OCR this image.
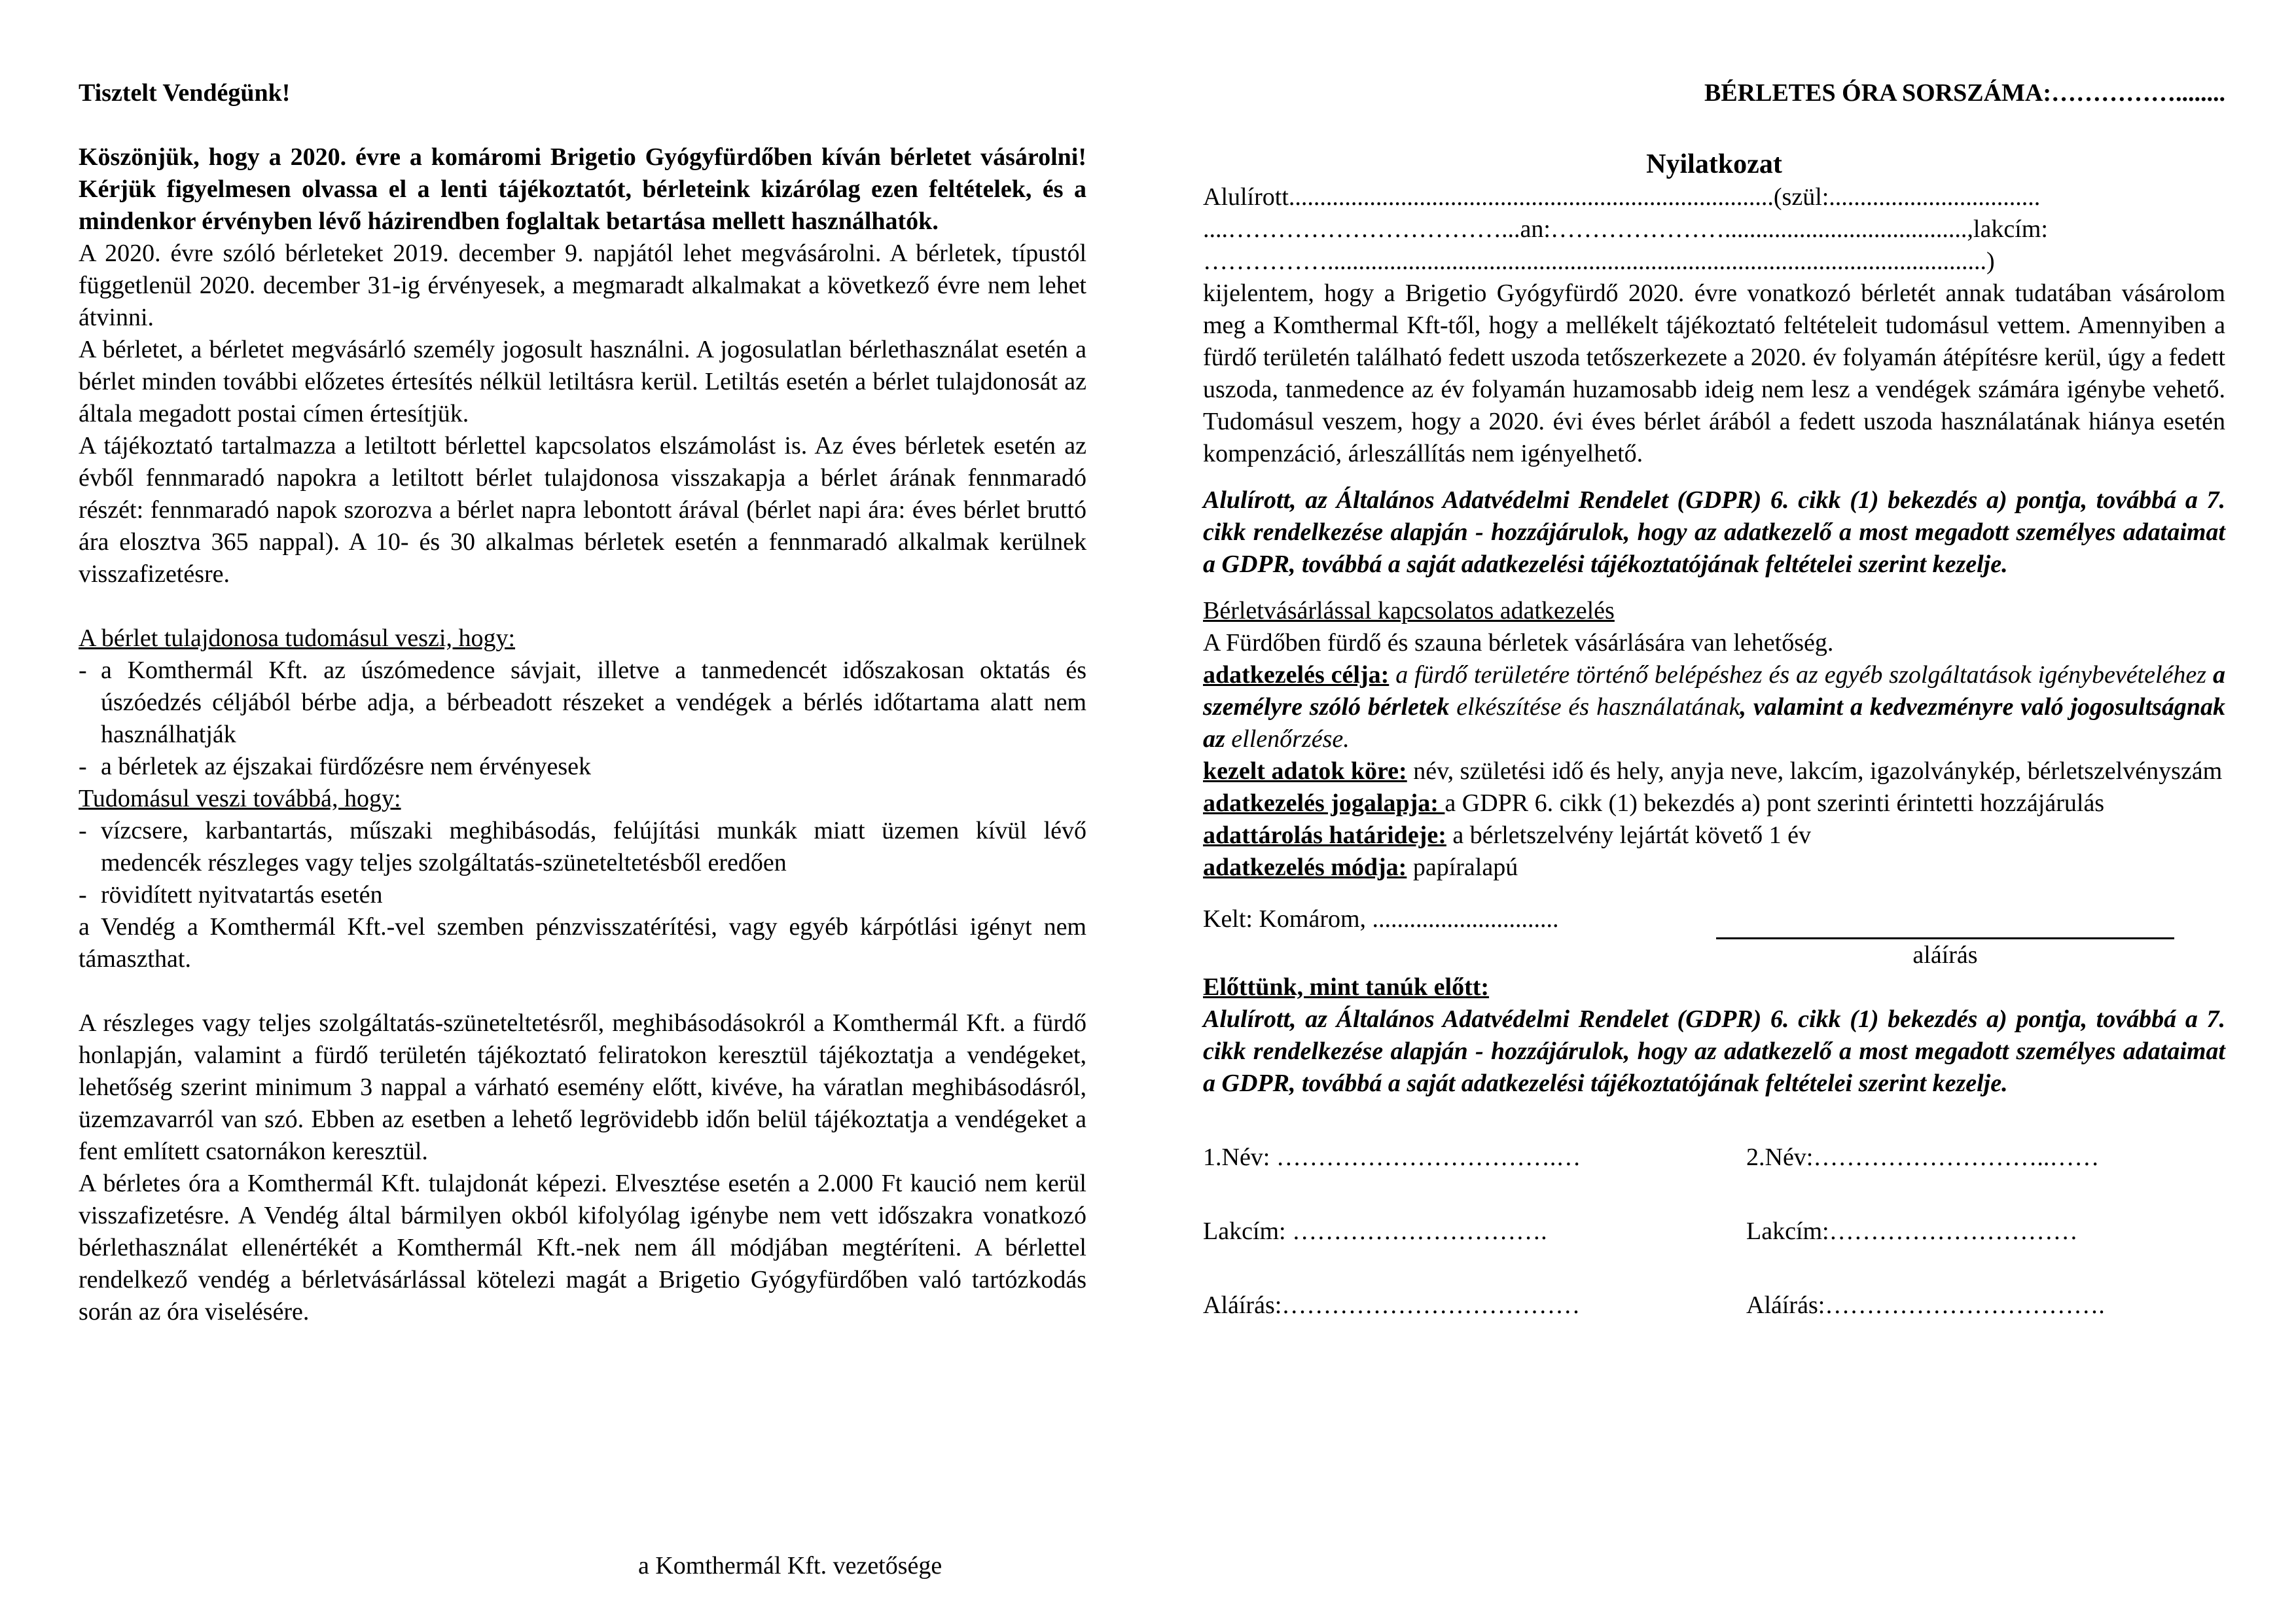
Tisztelt Vendégünk!

Köszönjük, hogy a 2020. évre a komáromi Brigetio Gyógyfürdőben kíván bérletet vásárolni! Kérjük figyelmesen olvassa el a lenti tájékoztatót, bérleteink kizárólag ezen feltételek, és a mindenkor érvényben lévő házirendben foglaltak betartása mellett használhatók.

A 2020. évre szóló bérleteket 2019. december 9. napjától lehet megvásárolni. A bérletek, típustól függetlenül 2020. december 31-ig érvényesek, a megmaradt alkalmakat a következő évre nem lehet átvinni.

A bérletet, a bérletet megvásárló személy jogosult használni. A jogosulatlan bérlethasználat esetén a bérlet minden további előzetes értesítés nélkül letiltásra kerül. Letiltás esetén a bérlet tulajdonosát az általa megadott postai címen értesítjük.

A tájékoztató tartalmazza a letiltott bérlettel kapcsolatos elszámolást is. Az éves bérletek esetén az évből fennmaradó napokra a letiltott bérlet tulajdonosa visszakapja a bérlet árának fennmaradó részét: fennmaradó napok szorozva a bérlet napra lebontott árával (bérlet napi ára: éves bérlet bruttó ára elosztva 365 nappal). A 10- és 30 alkalmas bérletek esetén a fennmaradó alkalmak kerülnek visszafizetésre.

A bérlet tulajdonosa tudomásul veszi, hogy:

- a Komthermál Kft. az úszómedence sávjait, illetve a tanmedencét időszakosan oktatás és úszóedzés céljából bérbe adja, a bérbeadott részeket a vendégek a bérlés időtartama alatt nem használhatják
- a bérletek az éjszakai fürdőzésre nem érvényesek

Tudomásul veszi továbbá, hogy:

- vízcsere, karbantartás, műszaki meghibásodás, felújítási munkák miatt üzemen kívül lévő medencék részleges vagy teljes szolgáltatás-szüneteltetésből eredően
- rövidített nyitvatartás esetén

a Vendég a Komthermál Kft.-vel szemben pénzvisszatérítési, vagy egyéb kárpótlási igényt nem támaszthat.

A részleges vagy teljes szolgáltatás-szüneteltetésről, meghibásodásokról a Komthermál Kft. a fürdő honlapján, valamint a fürdő területén tájékoztató feliratokon keresztül tájékoztatja a vendégeket, lehetőség szerint minimum 3 nappal a várható esemény előtt, kivéve, ha váratlan meghibásodásról, üzemzavarról van szó. Ebben az esetben a lehető legrövidebb időn belül tájékoztatja a vendégeket a fent említett csatornákon keresztül.

A bérletes óra a Komthermál Kft. tulajdonát képezi. Elvesztése esetén a 2.000 Ft kaució nem kerül visszafizetésre. A Vendég által bármilyen okból kifolyólag igénybe nem vett időszakra vonatkozó bérlethasználat ellenértékét a Komthermál Kft.-nek nem áll módjában megtéríteni. A bérlettel rendelkező vendég a bérletvásárlással kötelezi magát a Brigetio Gyógyfürdőben való tartózkodás során az óra viselésére.

a Komthermál Kft. vezetősége

BÉRLETES ÓRA SORSZÁMA:……………........

Nyilatkozat

Alulírott..............................................................................(szül:..................................

....……………………………...an:………………….......................................,lakcím:

……………..........................................................................................................)

kijelentem, hogy a Brigetio Gyógyfürdő 2020. évre vonatkozó bérletét annak tudatában vásárolom meg a Komthermal Kft-től, hogy a mellékelt tájékoztató feltételeit tudomásul vettem. Amennyiben a fürdő területén található fedett uszoda tetőszerkezete a 2020. év folyamán átépítésre kerül, úgy a fedett uszoda, tanmedence az év folyamán huzamosabb ideig nem lesz a vendégek számára igénybe vehető. Tudomásul veszem, hogy a 2020. évi éves bérlet árából a fedett uszoda használatának hiánya esetén kompenzáció, árleszállítás nem igényelhető.

Alulírott, az Általános Adatvédelmi Rendelet (GDPR) 6. cikk (1) bekezdés a) pontja, továbbá a 7. cikk rendelkezése alapján - hozzájárulok, hogy az adatkezelő a most megadott személyes adataimat a GDPR, továbbá a saját adatkezelési tájékoztatójának feltételei szerint kezelje.

Bérletvásárlással kapcsolatos adatkezelés

A Fürdőben fürdő és szauna bérletek vásárlására van lehetőség.

adatkezelés célja: a fürdő területére történő belépéshez és az egyéb szolgáltatások igénybevételéhez a személyre szóló bérletek elkészítése és használatának, valamint a kedvezményre való jogosultságnak az ellenőrzése.

kezelt adatok köre: név, születési idő és hely, anyja neve, lakcím, igazolványkép, bérletszelvényszám

adatkezelés jogalapja: a GDPR 6. cikk (1) bekezdés a) pont szerinti érintetti hozzájárulás

adattárolás határideje: a bérletszelvény lejártát követő 1 év

adatkezelés módja: papíralapú

Kelt: Komárom, ..............................
aláírás

Előttünk, mint tanúk előtt:

Alulírott, az Általános Adatvédelmi Rendelet (GDPR) 6. cikk (1) bekezdés a) pontja, továbbá a 7. cikk rendelkezése alapján - hozzájárulok, hogy az adatkezelő a most megadott személyes adataimat a GDPR, továbbá a saját adatkezelési tájékoztatójának feltételei szerint kezelje.

1.Név: …………………………….…	2.Név:………………………..……
Lakcím: ………………………….	Lakcím:…………………………
Aláírás:………………………………	Aláírás:…………………………….
